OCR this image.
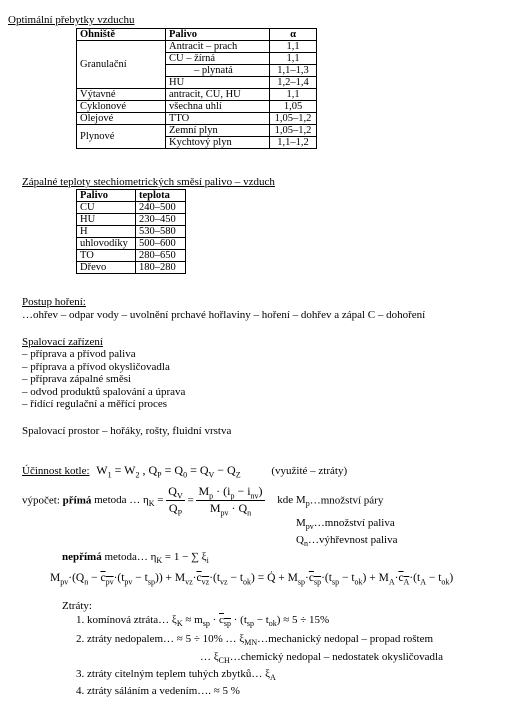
Optimální přebytky vzduchu
Ohniště	Palivo	α
Granulační	Antracit – prach	1,1
	CU – žírná	1,1
	– plynatá	1,1–1,3
	HU	1,2–1,4
Výtavné	antracit, CU, HU	1,1
Cyklonové	všechna uhlí	1,05
Olejové	TTO	1,05–1,2
Plynové	Zemní plyn	1,05–1,2
	Kychtový plyn	1,1–1,2
Zápalné teploty stechiometrických směsí palivo – vzduch
Palivo	teplota
CU	240–500
HU	230–450
H	530–580
uhlovodíky	500–600
TO	280–650
Dřevo	180–280
Postup hoření:
…ohřev – odpar vody – uvolnění prchavé hořlaviny – hoření – dohřev a zápal C – dohoření
Spalovací zařízení
– příprava a přívod paliva
– příprava a přívod okysličovadla
– příprava zápalné směsi
– odvod produktů spalování a úprava
– řídící regulační a měřící proces
Spalovací prostor – hořáky, rošty, fluidní vrstva
Účinnost kotle: $W_1 = W_2$ , $Q_P = Q_0 = Q_V - Q_Z$	(využité – ztráty)
výpočet: přímá metoda … $\eta_K = \frac{Q_V}{Q_P} = \frac{M_p \cdot (i_p - i_{nv})}{M_{pv} \cdot Q_n}$ kde $M_p\dots množství$ páry
$M_{pv}\dots množství$ paliva
$Q_n\dots výhřevnost$ paliva
nepřímá metoda… $\eta_K = 1$ − ∑ $\xi_i$
$M_{pv}\cdot(Q_n - c_{pv}\cdot(t_{pv} - t_{sp})) + M_{vz}\cdot c_{vz}\cdot(t_{vz} - t_{ok})$ = Q̇ + $M_{sp}\cdot c_{sp}\cdot(t_{sp} - t_{ok}) + M_A\cdot c_A\cdot(t_A - t_{ok})$
Ztráty:
1. komínová ztráta… $\xi_K \approx m_{sp} \cdot c_{sp} \cdot (t_{sp} - t_{ok}) \approx 5 \div 15\%$
2. ztráty nedopalem… ≈ 5 ÷ 10% … $\xi_{MN}\dots mechanický$ nedopal – propad roštem
… $\xi_{CH}\dots chemický$ nedopal – nedostatek okysličovadla
3. ztráty citelným teplem tuhých zbytků… $\xi_A$
4. ztráty sáláním a vedením…. ≈ 5 %
